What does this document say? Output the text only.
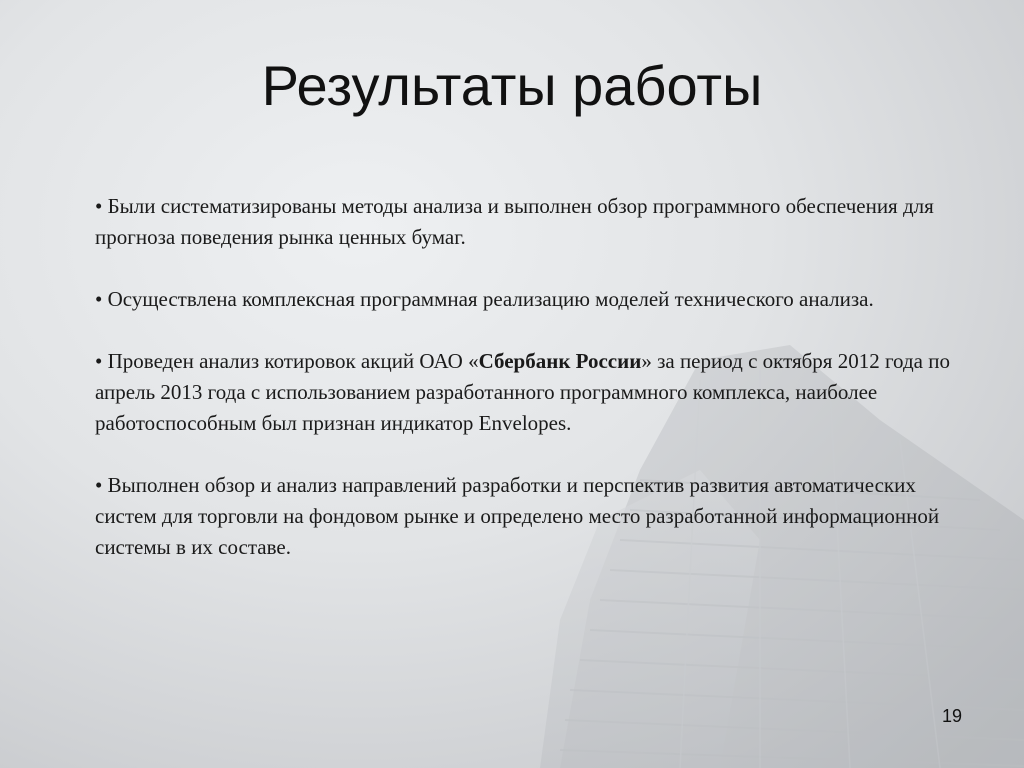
Результаты работы

• Были систематизированы методы анализа и выполнен обзор программного обеспечения для прогноза поведения рынка ценных бумаг.

• Осуществлена комплексная программная реализацию моделей технического анализа.

• Проведен анализ котировок акций ОАО «Сбербанк России» за период с октября 2012 года по апрель 2013 года с использованием разработанного программного комплекса, наиболее работоспособным был признан индикатор Envelopes.

• Выполнен обзор и анализ направлений разработки и перспектив развития автоматических систем для торговли на фондовом рынке и определено место разработанной информационной системы в их составе.

19
